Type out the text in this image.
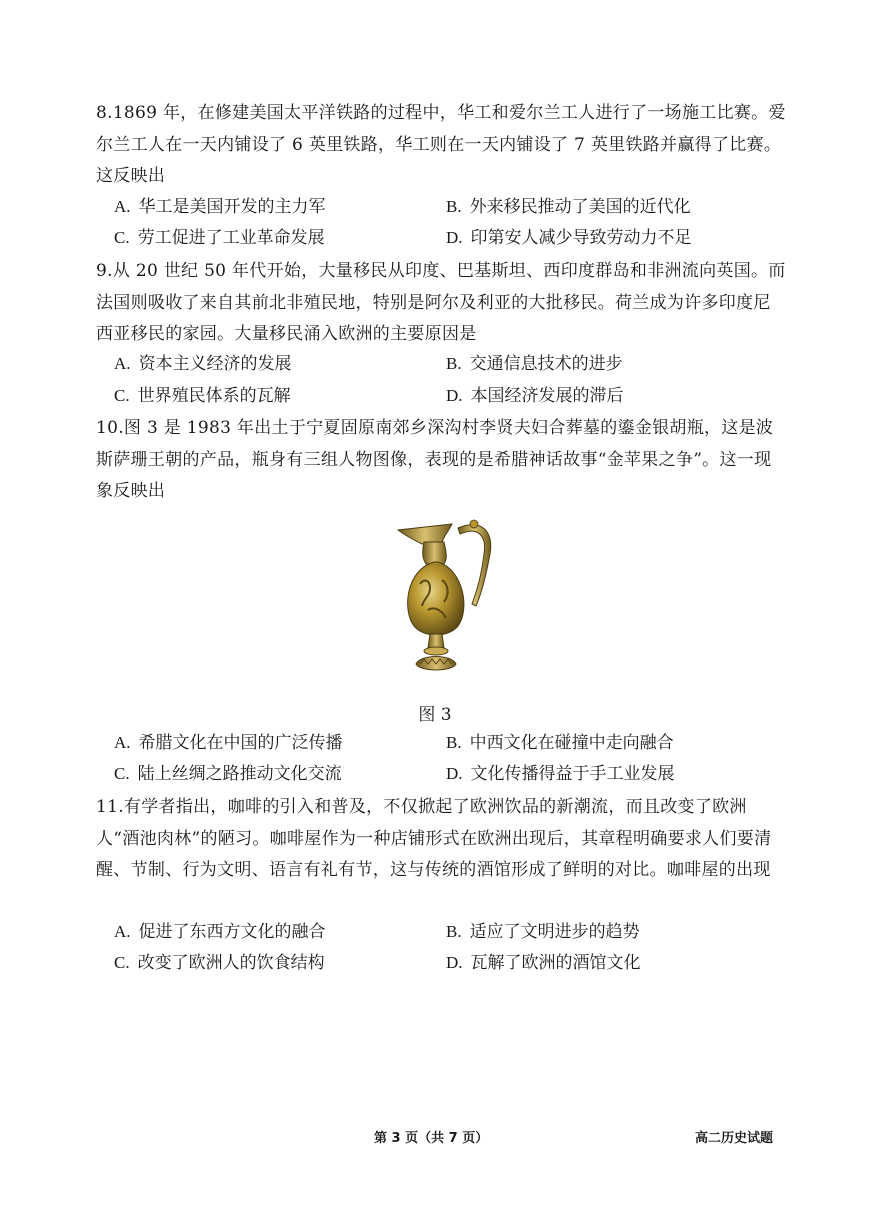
8.1869 年，在修建美国太平洋铁路的过程中，华工和爱尔兰工人进行了一场施工比赛。爱尔兰工人在一天内铺设了 6 英里铁路，华工则在一天内铺设了 7 英里铁路并赢得了比赛。这反映出

A. 华工是美国开发的主力军	B. 外来移民推动了美国的近代化
C. 劳工促进了工业革命发展	D. 印第安人减少导致劳动力不足

9.从 20 世纪 50 年代开始，大量移民从印度、巴基斯坦、西印度群岛和非洲流向英国。而法国则吸收了来自其前北非殖民地，特别是阿尔及利亚的大批移民。荷兰成为许多印度尼西亚移民的家园。大量移民涌入欧洲的主要原因是

A. 资本主义经济的发展	B. 交通信息技术的进步
C. 世界殖民体系的瓦解	D. 本国经济发展的滞后

10.图 3 是 1983 年出土于宁夏固原南郊乡深沟村李贤夫妇合葬墓的鎏金银胡瓶，这是波斯萨珊王朝的产品，瓶身有三组人物图像，表现的是希腊神话故事“金苹果之争”。这一现象反映出

图 3
A. 希腊文化在中国的广泛传播	B. 中西文化在碰撞中走向融合
C. 陆上丝绸之路推动文化交流	D. 文化传播得益于手工业发展

11.有学者指出，咖啡的引入和普及，不仅掀起了欧洲饮品的新潮流，而且改变了欧洲人“酒池肉林”的陋习。咖啡屋作为一种店铺形式在欧洲出现后，其章程明确要求人们要清醒、节制、行为文明、语言有礼有节，这与传统的酒馆形成了鲜明的对比。咖啡屋的出现

A. 促进了东西方文化的融合	B. 适应了文明进步的趋势
C. 改变了欧洲人的饮食结构	D. 瓦解了欧洲的酒馆文化
第 3 页（共 7 页）	高二历史试题
